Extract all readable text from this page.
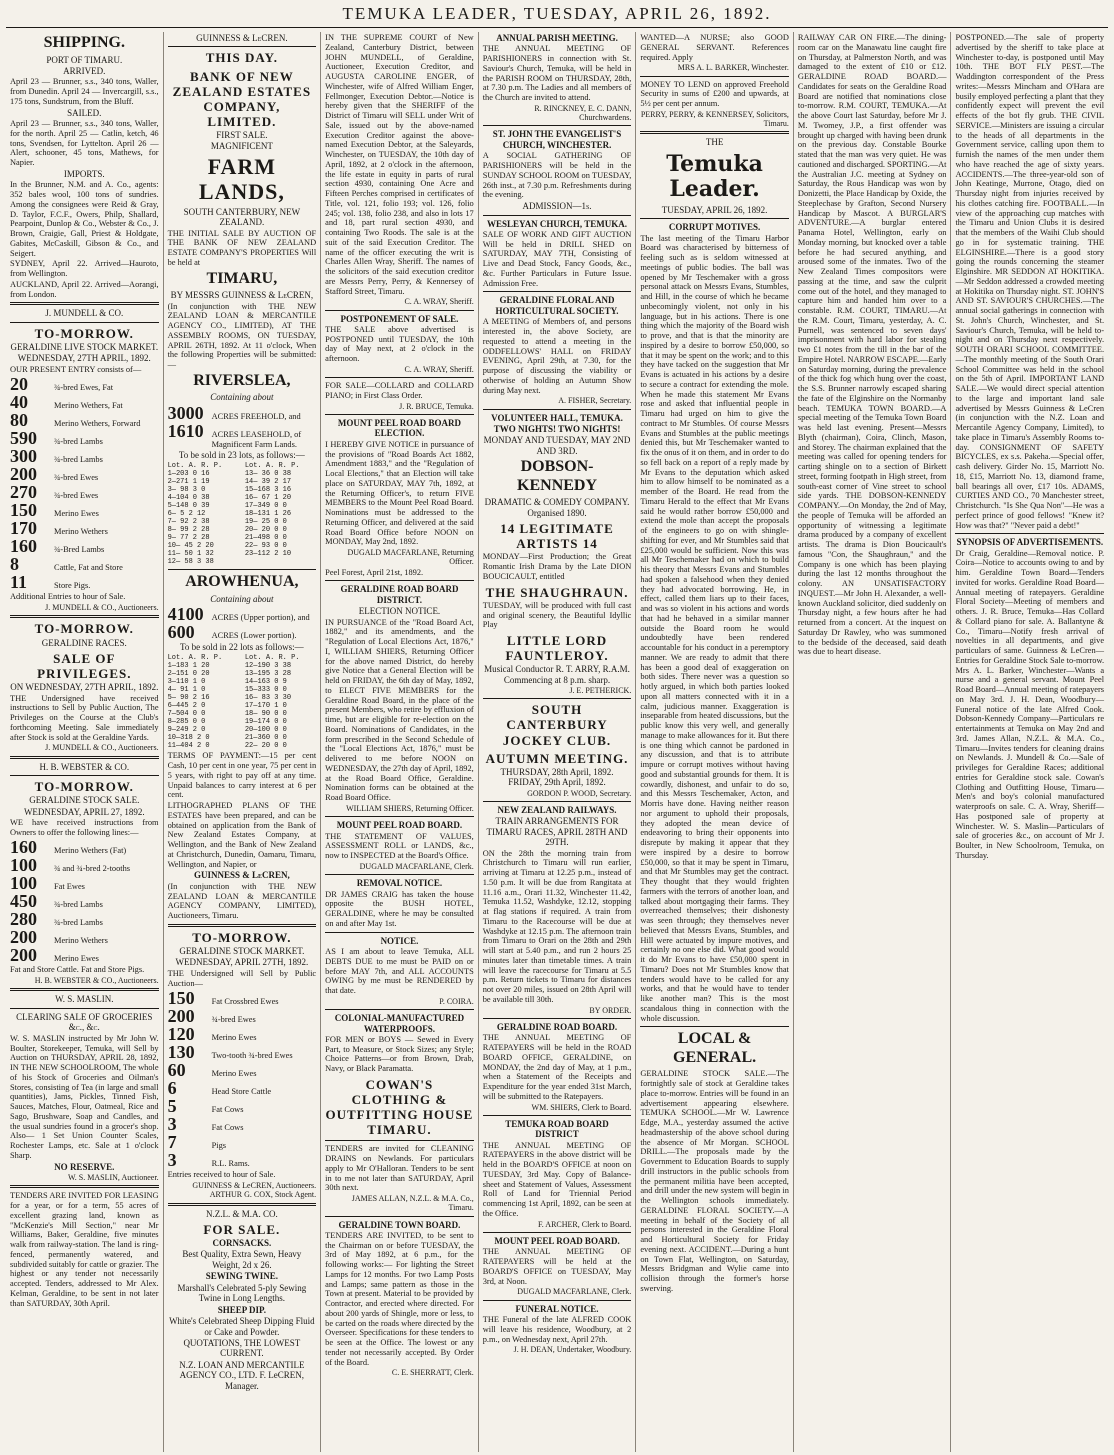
TEMUKA LEADER, TUESDAY, APRIL 26, 1892.
SHIPPING.
PORT OF TIMARU.
ARRIVED.
April 23 — Brunner, s.s., 340 tons, Waller, from Dunedin. April 24 — Invercargill, s.s., 175 tons, Sundstrum, from the Bluff.
SAILED.
April 23 — Brunner, s.s., 340 tons, Waller, for the north. April 25 — Catlin, ketch, 46 tons, Svendsen, for Lyttelton. April 26 — Alert, schooner, 45 tons, Mathews, for Napier.
IMPORTS.
In the Brunner, N.M. and A. Co., agents: 352 bales wool, 100 tons of sundries. Among the consignees were Reid & Gray, D. Taylor, F.C.F., Owers, Philp, Shallard, Pearpoint, Dunlop & Co., Webster & Co., J. Brown, Craigie, Gall, Priest & Holdgate, Gabites, McCaskill, Gibson & Co., and Seigert.
SYDNEY, April 22. Arrived—Hauroto, from Wellington.
AUCKLAND, April 22. Arrived—Aorangi, from London.
J. MUNDELL & CO.
TO-MORROW.
GERALDINE LIVE STOCK MARKET.
WEDNESDAY, 27TH APRIL, 1892.
OUR PRESENT ENTRY consists of—
20	¾-bred Ewes, Fat
40	Merino Wethers, Fat
80	Merino Wethers, Forward
590	¾-bred Lambs
300	¾-bred Lambs
200	¾-bred Ewes
270	¾-bred Ewes
150	Merino Ewes
170	Merino Wethers
160	¾-Bred Lambs
8	Cattle, Fat and Store
11	Store Pigs.
Additional Entries to hour of Sale.
J. MUNDELL & CO., Auctioneers.
TO-MORROW.
GERALDINE RACES.
SALE OF PRIVILEGES.
ON WEDNESDAY, 27TH APRIL, 1892.
THE Undersigned have received instructions to Sell by Public Auction, The Privileges on the Course at the Club's forthcoming Meeting. Sale immediately after Stock is sold at the Geraldine Yards.
J. MUNDELL & CO., Auctioneers.
H. B. WEBSTER & CO.
TO-MORROW.
GERALDINE STOCK SALE.
WEDNESDAY, APRIL 27, 1892.
WE have received instructions from Owners to offer the following lines:—
160	Merino Wethers (Fat)
100	¾ and ¾-bred 2-tooths
100	Fat Ewes
450	¾-bred Lambs
280	¾-bred Lambs
200	Merino Wethers
200	Merino Ewes
Fat and Store Cattle. Fat and Store Pigs.
H. B. WEBSTER & CO., Auctioneers.
W. S. MASLIN.
CLEARING SALE OF GROCERIES &c., &c.
W. S. MASLIN instructed by Mr John W. Boulter, Storekeeper, Temuka, will Sell by Auction on THURSDAY, APRIL 28, 1892, IN THE NEW SCHOOLROOM, The whole of his Stock of Groceries and Oilman's Stores, consisting of Tea (in large and small quantities), Jams, Pickles, Tinned Fish, Sauces, Matches, Flour, Oatmeal, Rice and Sago, Brushware, Soap and Candles, and the usual sundries found in a grocer's shop. Also— 1 Set Union Counter Scales, Rochester Lamps, etc. Sale at 1 o'clock Sharp.
NO RESERVE.
W. S. MASLIN, Auctioneer.
TENDERS ARE INVITED FOR LEASING for a year, or for a term, 55 acres of excellent grazing land, known as "McKenzie's Mill Section," near Mr Williams, Baker, Geraldine, five minutes walk from railway-station. The land is ring-fenced, permanently watered, and subdivided suitably for cattle or grazier. The highest or any tender not necessarily accepted. Tenders, addressed to Mr Alex. Kelman, Geraldine, to be sent in not later than SATURDAY, 30th April.
GUINNESS & LeCREN.
THIS DAY.
BANK OF NEW ZEALAND ESTATES COMPANY, LIMITED.
FIRST SALE.
MAGNIFICENT
FARM LANDS,
SOUTH CANTERBURY, NEW ZEALAND.
THE INITIAL SALE BY AUCTION OF THE BANK OF NEW ZEALAND ESTATE COMPANY'S PROPERTIES Will be held at
TIMARU,
BY MESSRS GUINNESS & LeCREN,
(In conjunction with THE NEW ZEALAND LOAN & MERCANTILE AGENCY CO., LIMITED), AT THE ASSEMBLY ROOMS, ON TUESDAY, APRIL 26TH, 1892. At 11 o'clock, When the following Properties will be submitted:—
RIVERSLEA,
Containing about
3000 ACRES FREEHOLD, and
1610 ACRES LEASEHOLD, of Magnificent Farm Lands.
To be sold in 23 lots, as follows:—
Lot. A. R. P.	Lot. A. R. P.
1—203 0 16	13— 36 0 38
2—271 1 19	14— 39 2 17
3— 98 3 0	15—168 3 16
4—104 0 38	16— 67 1 20
5—148 0 39	17—349 0 0
6— 5 2 12	18—131 1 26
7— 92 2 38	19— 25 0 0
8— 99 2 28	20— 20 0 0
9— 77 2 28	21—498 0 0
10— 45 2 20	22— 93 0 0
11— 50 1 32	23—112 2 10
12— 58 3 38
AROWHENUA,
Containing about
4100 ACRES (Upper portion), and
600	ACRES (Lower portion).
To be sold in 22 lots as follows:—
Lot. A. R. P.	Lot. A. R. P.
1—183 1 20	12—190 3 38
2—151 0 20	13—195 3 28
3—110 1 0	14—163 0 9
4— 91 1 0	15—333 0 0
5— 90 2 16	16— 83 3 30
6—445 2 0	17—170 1 0
7—504 0 0	18— 90 0 0
8—285 0 0	19—174 0 0
9—249 2 0	20—100 0 0
10—318 2 0	21—360 0 0
11—404 2 0	22— 20 0 0
TERMS OF PAYMENT:—15 per cent Cash, 10 per cent in one year, 75 per cent in 5 years, with right to pay off at any time. Unpaid balances to carry interest at 6 per cent.
LITHOGRAPHED PLANS OF THE ESTATES have been prepared, and can be obtained on application from the Bank of New Zealand Estates Company, at Wellington, and the Bank of New Zealand at Christchurch, Dunedin, Oamaru, Timaru, Wellington, and Napier, or
GUINNESS & LeCREN,
(In conjunction with THE NEW ZEALAND LOAN & MERCANTILE AGENCY COMPANY, LIMITED), Auctioneers, Timaru.
TO-MORROW.
GERALDINE STOCK MARKET.
WEDNESDAY, APRIL 27TH, 1892.
THE Undersigned will Sell by Public Auction—
150	Fat Crossbred Ewes
200	¾-bred Ewes
120	Merino Ewes
130	Two-tooth ¾-bred Ewes
60	Merino Ewes
6	Head Store Cattle
5	Fat Cows
3	Fat Cows
7	Pigs
3	R.L. Rams.
Entries received to hour of Sale.
GUINNESS & LeCREN, Auctioneers. ARTHUR G. COX, Stock Agent.
N.Z.L. & M.A. CO.
FOR SALE.
CORNSACKS.
Best Quality, Extra Sewn, Heavy Weight, 2d x 26.
SEWING TWINE.
Marshall's Celebrated 5-ply Sewing Twine in Long Lengths.
SHEEP DIP.
White's Celebrated Sheep Dipping Fluid or Cake and Powder.
QUOTATIONS, THE LOWEST CURRENT.
N.Z. LOAN AND MERCANTILE AGENCY CO., LTD. F. LeCREN, Manager.
IN THE SUPREME COURT of New Zealand, Canterbury District, between JOHN MUNDELL, of Geraldine, Auctioneer, Execution Creditor, and AUGUSTA CAROLINE ENGER, of Winchester, wife of Alfred William Enger, Fellmonger, Execution Debtor.—Notice is hereby given that the SHERIFF of the District of Timaru will SELL under Writ of Sale, issued out by the above-named Execution Creditor against the above-named Execution Debtor, at the Saleyards, Winchester, on TUESDAY, the 10th day of April, 1892, at 2 o'clock in the afternoon, the life estate in equity in parts of rural section 4930, containing One Acre and Fifteen Perches comprised in certificates of Title, vol. 121, folio 193; vol. 126, folio 245; vol. 138, folio 238, and also in lots 17 and 18, part rural section 4930, and containing Two Roods. The sale is at the suit of the said Execution Creditor. The name of the officer executing the writ is Charles Allen Wray, Sheriff. The names of the solicitors of the said execution creditor are Messrs Perry, Perry, & Kennersey of Stafford Street, Timaru.
C. A. WRAY, Sheriff.
POSTPONEMENT OF SALE.
THE SALE above advertised is POSTPONED until TUESDAY, the 10th day of May next, at 2 o'clock in the afternoon.
C. A. WRAY, Sheriff.
FOR SALE—COLLARD and COLLARD PIANO; in First Class Order.
J. R. BRUCE, Temuka.
MOUNT PEEL ROAD BOARD ELECTION.
I HEREBY GIVE NOTICE in pursuance of the provisions of "Road Boards Act 1882, Amendment 1883," and the "Regulation of Local Elections," that an Election will take place on SATURDAY, MAY 7th, 1892, at the Returning Officer's, to return FIVE MEMBERS to the Mount Peel Road Board. Nominations must be addressed to the Returning Officer, and delivered at the said Road Board Office before NOON on MONDAY, May 2nd, 1892.
DUGALD MACFARLANE, Returning Officer.
Peel Forest, April 21st, 1892.
GERALDINE ROAD BOARD DISTRICT.
ELECTION NOTICE.
IN PURSUANCE of the "Road Board Act, 1882," and its amendments, and the "Regulation of Local Elections Act, 1876," I, WILLIAM SHIERS, Returning Officer for the above named District, do hereby give Notice that a General Election will be held on FRIDAY, the 6th day of May, 1892, to ELECT FIVE MEMBERS for the Geraldine Road Board, in the place of the present Members, who retire by effluxion of time, but are eligible for re-election on the Board. Nominations of Candidates, in the form prescribed in the Second Schedule of the "Local Elections Act, 1876," must be delivered to me before NOON on WEDNESDAY, the 27th day of April, 1892, at the Road Board Office, Geraldine. Nomination forms can be obtained at the Road Board Office.
WILLIAM SHIERS, Returning Officer.
MOUNT PEEL ROAD BOARD.
THE STATEMENT OF VALUES, ASSESSMENT ROLL or LANDS, &c., now to INSPECTED at the Board's Office.
DUGALD MACFARLANE, Clerk.
REMOVAL NOTICE.
DR JAMES CRAIG has taken the house opposite the BUSH HOTEL, GERALDINE, where he may be consulted on and after May 1st.
NOTICE.
AS I am about to leave Temuka, ALL DEBTS DUE to me must be PAID on or before MAY 7th, and ALL ACCOUNTS OWING by me must be RENDERED by that date.
P. COIRA.
COLONIAL-MANUFACTURED WATERPROOFS.
FOR MEN or BOYS — Sewed in Every Part, to Measure, or Stock Sizes; any Style; Choice Patterns—or from Brown, Drab, Navy, or Black Paramatta.
COWAN'S CLOTHING & OUTFITTING HOUSE TIMARU.
TENDERS are invited for CLEANING DRAINS on Newlands. For particulars apply to Mr O'Halloran. Tenders to be sent in to me not later than SATURDAY, April 30th next.
JAMES ALLAN, N.Z.L. & M.A. Co., Timaru.
GERALDINE TOWN BOARD.
TENDERS ARE INVITED, to be sent to the Chairman on or before TUESDAY, the 3rd of May 1892, at 6 p.m., for the following works:— For lighting the Street Lamps for 12 months. For two Lamp Posts and Lamps; same pattern as those in the Town at present. Material to be provided by Contractor, and erected where directed. For about 200 yards of Shingle, more or less, to be carted on the roads where directed by the Overseer. Specifications for these tenders to be seen at the Office. The lowest or any tender not necessarily accepted. By Order of the Board.
C. E. SHERRATT, Clerk.
ANNUAL PARISH MEETING.
THE ANNUAL MEETING OF PARISHIONERS in connection with St. Saviour's Church, Temuka, will be held in the PARISH ROOM on THURSDAY, 28th, at 7.30 p.m. The Ladies and all members of the Church are invited to attend.
R. RINCKNEY, E. C. DANN, Churchwardens.
ST. JOHN THE EVANGELIST'S CHURCH, WINCHESTER.
A SOCIAL GATHERING OF PARISHIONERS will be held in the SUNDAY SCHOOL ROOM on TUESDAY, 26th inst., at 7.30 p.m. Refreshments during the evening.
ADMISSION—1s.
WESLEYAN CHURCH, TEMUKA.
SALE OF WORK AND GIFT AUCTION Will be held in DRILL SHED on SATURDAY, MAY 7TH, Consisting of Live and Dead Stock, Fancy Goods, &c., &c. Further Particulars in Future Issue. Admission Free.
GERALDINE FLORAL AND HORTICULTURAL SOCIETY.
A MEETING of Members of, and persons interested in, the above Society, are requested to attend a meeting in the ODDFELLOWS' HALL on FRIDAY EVENING, April 29th, at 7.30, for the purpose of discussing the viability or otherwise of holding an Autumn Show during May next.
A. FISHER, Secretary.
VOLUNTEER HALL, TEMUKA.
TWO NIGHTS! TWO NIGHTS!
MONDAY AND TUESDAY, MAY 2ND AND 3RD.
DOBSON-KENNEDY
DRAMATIC & COMEDY COMPANY. Organised 1890.
14 LEGITIMATE ARTISTS 14
MONDAY—First Production; the Great Romantic Irish Drama by the Late DION BOUCICAULT, entitled
THE SHAUGHRAUN.
TUESDAY, will be produced with full cast and original scenery, the Beautiful Idyllic Play
LITTLE LORD FAUNTLEROY.
Musical Conductor R. T. ARRY, R.A.M. Commencing at 8 p.m. sharp.
J. E. PETHERICK.
SOUTH CANTERBURY JOCKEY CLUB.
AUTUMN MEETING.
THURSDAY, 28th April, 1892. FRIDAY, 29th April, 1892.
GORDON P. WOOD, Secretary.
NEW ZEALAND RAILWAYS.
TRAIN ARRANGEMENTS FOR TIMARU RACES, APRIL 28TH AND 29TH.
ON the 28th the morning train from Christchurch to Timaru will run earlier, arriving at Timaru at 12.25 p.m., instead of 1.50 p.m. It will be due from Rangitata at 11.16 a.m., Orari 11.32, Winchester 11.42, Temuka 11.52, Washdyke, 12.12, stopping at flag stations if required. A train from Timaru to the Racecourse will be due at Washdyke at 12.15 p.m. The afternoon train from Timaru to Orari on the 28th and 29th will start at 5.40 p.m., and run 2 hours 25 minutes later than timetable times. A train will leave the racecourse for Timaru at 5.5 p.m. Return tickets to Timaru for distances not over 20 miles, issued on 28th April will be available till 30th.
BY ORDER.
GERALDINE ROAD BOARD.
THE ANNUAL MEETING OF RATEPAYERS will be held in the ROAD BOARD OFFICE, GERALDINE, on MONDAY, the 2nd day of May, at 1 p.m., when a Statement of the Receipts and Expenditure for the year ended 31st March, will be submitted to the Ratepayers.
WM. SHIERS, Clerk to Board.
TEMUKA ROAD BOARD DISTRICT
THE ANNUAL MEETING OF RATEPAYERS in the above district will be held in the BOARD'S OFFICE at noon on TUESDAY, 3rd May. Copy of Balance-sheet and Statement of Values, Assessment Roll of Land for Triennial Period commencing 1st April, 1892, can be seen at the Office.
F. ARCHER, Clerk to Board.
MOUNT PEEL ROAD BOARD.
THE ANNUAL MEETING OF RATEPAYERS will be held at the BOARD'S OFFICE on TUESDAY, May 3rd, at Noon.
DUGALD MACFARLANE, Clerk.
FUNERAL NOTICE.
THE Funeral of the late ALFRED COOK will leave his residence, Woodbury, at 2 p.m., on Wednesday next, April 27th.
J. H. DEAN, Undertaker, Woodbury.
WANTED—A NURSE; also GOOD GENERAL SERVANT. References required. Apply
MRS A. L. BARKER, Winchester.
MONEY TO LEND on approved Freehold Security in sums of £200 and upwards, at 5½ per cent per annum.
PERRY, PERRY, & KENNERSEY, Solicitors, Timaru.
THE
Temuka Leader.
TUESDAY, APRIL 26, 1892.
CORRUPT MOTIVES.
The last meeting of the Timaru Harbor Board was characterised by bitterness of feeling such as is seldom witnessed at meetings of public bodies. The ball was opened by Mr Teschemaker with a gross personal attack on Messrs Evans, Stumbles, and Hill, in the course of which he became unbecomingly violent, not only in his language, but in his actions. There is one thing which the majority of the Board wish to prove, and that is that the minority are inspired by a desire to borrow £50,000, so that it may be spent on the work; and to this they have tacked on the suggestion that Mr Evans is actuated in his actions by a desire to secure a contract for extending the mole. When he made this statement Mr Evans rose and asked that influential people in Timaru had urged on him to give the contract to Mr Stumbles. Of course Messrs Evans and Stumbles at the public meetings denied this, but Mr Teschemaker wanted to fix the onus of it on them, and in order to do so fell back on a report of a reply made by Mr Evans to the deputation which asked him to allow himself to be nominated as a member of the Board. He read from the Timaru Herald to the effect that Mr Evans said he would rather borrow £50,000 and extend the mole than accept the proposals of the engineers to go on with shingle-shifting for ever, and Mr Stumbles said that £25,000 would be sufficient. Now this was all Mr Teschemaker had on which to build his theory that Messrs Evans and Stumbles had spoken a falsehood when they denied they had advocated borrowing. He, in effect, called them liars up to their faces, and was so violent in his actions and words that had he behaved in a similar manner outside the Board room he would undoubtedly have been rendered accountable for his conduct in a peremptory manner. We are ready to admit that there has been a good deal of exaggeration on both sides. There never was a question so hotly argued, in which both parties looked upon all matters connected with it in a calm, judicious manner. Exaggeration is inseparable from heated discussions, but the public know this very well, and generally manage to make allowances for it. But there is one thing which cannot be pardoned in any discussion, and that is to attribute impure or corrupt motives without having good and substantial grounds for them. It is cowardly, dishonest, and unfair to do so, and this Messrs Teschemaker, Acton, and Morris have done. Having neither reason nor argument to uphold their proposals, they adopted the mean device of endeavoring to bring their opponents into disrepute by making it appear that they were inspired by a desire to borrow £50,000, so that it may be spent in Timaru, and that Mr Stumbles may get the contract. They thought that they would frighten farmers with the terrors of another loan, and talked about mortgaging their farms. They overreached themselves; their dishonesty was seen through; they themselves never believed that Messrs Evans, Stumbles, and Hill were actuated by impure motives, and certainly no one else did. What good would it do Mr Evans to have £50,000 spent in Timaru? Does not Mr Stumbles know that tenders would have to be called for any works, and that he would have to tender like another man? This is the most scandalous thing in connection with the whole discussion.
LOCAL & GENERAL.
GERALDINE STOCK SALE.—The fortnightly sale of stock at Geraldine takes place to-morrow. Entries will be found in an advertisement appearing elsewhere. TEMUKA SCHOOL.—Mr W. Lawrence Edge, M.A., yesterday assumed the active headmastership of the above school during the absence of Mr Morgan. SCHOOL DRILL.—The proposals made by the Government to Education Boards to supply drill instructors in the public schools from the permanent militia have been accepted, and drill under the new system will begin in the Wellington schools immediately. GERALDINE FLORAL SOCIETY.—A meeting in behalf of the Society of all persons interested in the Geraldine Floral and Horticultural Society for Friday evening next. ACCIDENT.—During a hunt on Town Flat, Wellington, on Saturday, Messrs Bridgman and Wylie came into collision through the former's horse swerving.
RAILWAY CAR ON FIRE.—The dining-room car on the Manawatu line caught fire on Thursday, at Palmerston North, and was damaged to the extent of £10 or £12. GERALDINE ROAD BOARD.—Candidates for seats on the Geraldine Road Board are notified that nominations close to-morrow. R.M. COURT, TEMUKA.—At the above Court last Saturday, before Mr J. M. Twomey, J.P., a first offender was brought up charged with having been drunk on the previous day. Constable Bourke stated that the man was very quiet. He was cautioned and discharged. SPORTING.—At the Australian J.C. meeting at Sydney on Saturday, the Rous Handicap was won by Donizetti, the Place Handicap by Oxide, the Steeplechase by Grafton, Second Nursery Handicap by Mascot. A BURGLAR'S ADVENTURE.—A burglar entered Panama Hotel, Wellington, early on Monday morning, but knocked over a table before he had secured anything, and aroused some of the inmates. Two of the New Zealand Times compositors were passing at the time, and saw the culprit come out of the hotel, and they managed to capture him and handed him over to a constable. R.M. COURT, TIMARU.—At the R.M. Court, Timaru, yesterday, A. C. Purnell, was sentenced to seven days' imprisonment with hard labor for stealing two £1 notes from the till in the bar of the Empire Hotel. NARROW ESCAPE.—Early on Saturday morning, during the prevalence of the thick fog which hung over the coast, the S.S. Brunner narrowly escaped sharing the fate of the Elginshire on the Normanby beach. TEMUKA TOWN BOARD.—A special meeting of the Temuka Town Board was held last evening. Present—Messrs Blyth (chairman), Coira, Clinch, Mason, and Storey. The chairman explained that the meeting was called for opening tenders for carting shingle on to a section of Birkett street, forming footpath in High street, from south-east corner of Vine street to school side yards. THE DOBSON-KENNEDY COMPANY.—On Monday, the 2nd of May, the people of Temuka will be afforded an opportunity of witnessing a legitimate drama produced by a company of excellent artists. The drama is Dion Boucicault's famous "Con, the Shaughraun," and the Company is one which has been playing during the last 12 months throughout the colony. AN UNSATISFACTORY INQUEST.—Mr John H. Alexander, a well-known Auckland solicitor, died suddenly on Thursday night, a few hours after he had returned from a concert. At the inquest on Saturday Dr Rawley, who was summoned to the bedside of the deceased, said death was due to heart disease.
POSTPONED.—The sale of property advertised by the sheriff to take place at Winchester to-day, is postponed until May 10th. THE BOT FLY PEST.—The Waddington correspondent of the Press writes:—Messrs Mincham and O'Hara are busily employed perfecting a plant that they confidently expect will prevent the evil effects of the bot fly grub. THE CIVIL SERVICE.—Ministers are issuing a circular to the heads of all departments in the Government service, calling upon them to furnish the names of the men under them who have reached the age of sixty years. ACCIDENTS.—The three-year-old son of John Keatinge, Murrone, Otago, died on Thursday night from injuries received by his clothes catching fire. FOOTBALL.—In view of the approaching cup matches with the Timaru and Union Clubs it is desired that the members of the Waihi Club should go in for systematic training. THE ELGINSHIRE.—There is a good story going the rounds concerning the steamer Elginshire. MR SEDDON AT HOKITIKA.—Mr Seddon addressed a crowded meeting at Hokitika on Thursday night. ST. JOHN'S AND ST. SAVIOUR'S CHURCHES.—The annual social gatherings in connection with St. John's Church, Winchester, and St. Saviour's Church, Temuka, will be held to-night and on Thursday next respectively. SOUTH ORARI SCHOOL COMMITTEE.—The monthly meeting of the South Orari School Committee was held in the school on the 5th of April. IMPORTANT LAND SALE.—We would direct special attention to the large and important land sale advertised by Messrs Guinness & LeCren (in conjunction with the N.Z. Loan and Mercantile Agency Company, Limited), to take place in Timaru's Assembly Rooms to-day. CONSIGNMENT OF SAFETY BICYCLES, ex s.s. Pakeha.—Special offer, cash delivery. Girder No. 15, Marriott No. 18, £15, Marriott No. 13, diamond frame, ball bearings all over, £17 10s. ADAMS, CURTIES AND CO., 70 Manchester street, Christchurch. "Is She Qua Non"—He was a perfect prince of good fellows! "Knew it? How was that?" "Never paid a debt!"
SYNOPSIS OF ADVERTISEMENTS.
Dr Craig, Geraldine—Removal notice. P. Coira—Notice to accounts owing to and by him. Geraldine Town Board—Tenders invited for works. Geraldine Road Board—Annual meeting of ratepayers. Geraldine Floral Society—Meeting of members and others. J. R. Bruce, Temuka—Has Collard & Collard piano for sale. A. Ballantyne & Co., Timaru—Notify fresh arrival of novelties in all departments, and give particulars of same. Guinness & LeCren—Entries for Geraldine Stock Sale to-morrow. Mrs A. L. Barker, Winchester—Wants a nurse and a general servant. Mount Peel Road Board—Annual meeting of ratepayers on May 3rd. J. H. Dean, Woodbury—Funeral notice of the late Alfred Cook. Dobson-Kennedy Company—Particulars re entertainments at Temuka on May 2nd and 3rd. James Allan, N.Z.L. & M.A. Co., Timaru—Invites tenders for cleaning drains on Newlands. J. Mundell & Co.—Sale of privileges for Geraldine Races; additional entries for Geraldine stock sale. Cowan's Clothing and Outfitting House, Timaru—Men's and boy's colonial manufactured waterproofs on sale. C. A. Wray, Sheriff—Has postponed sale of property at Winchester. W. S. Maslin—Particulars of sale of groceries &c., on account of Mr J. Boulter, in New Schoolroom, Temuka, on Thursday.
